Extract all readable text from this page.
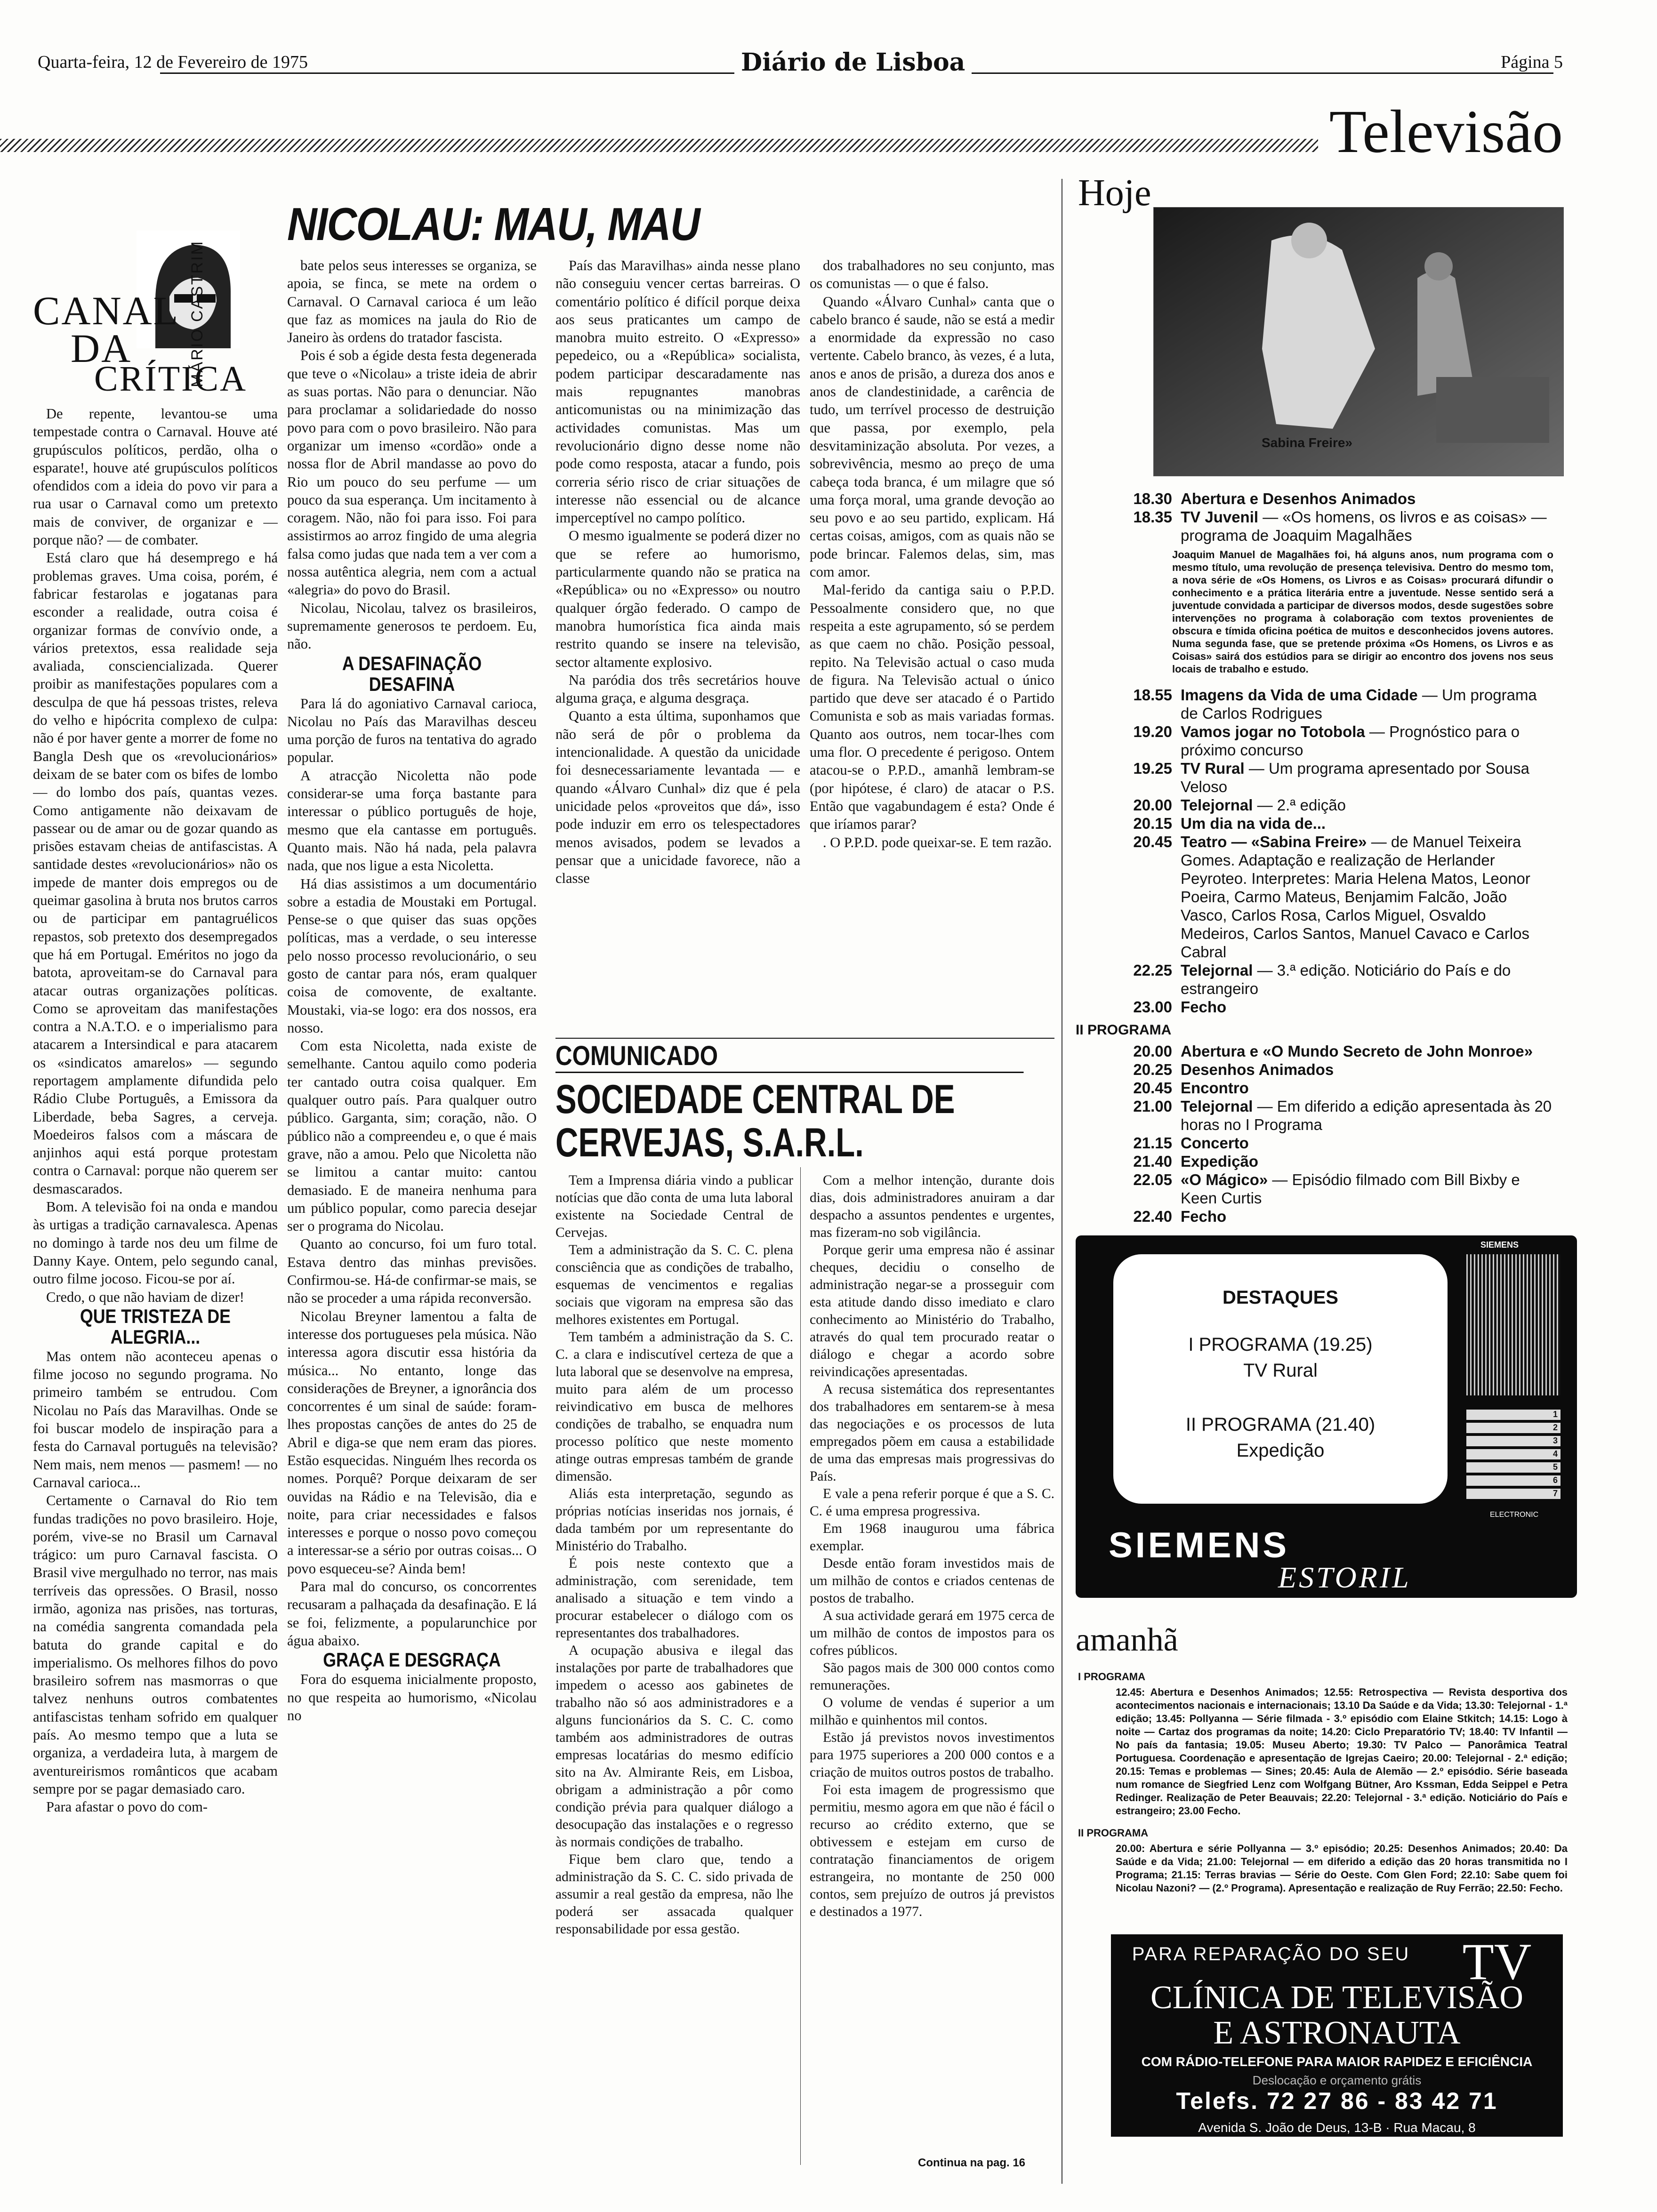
Quarta-feira, 12 de Fevereiro de 1975	Diário de Lisboa	Página 5
Televisão
NICOLAU: MAU, MAU
MÁRIO CASTRIM
CANAL
DA
CRÍTICA

De repente, levantou-se uma tempestade contra o Carnaval. Houve até grupúsculos políticos, perdão, olha o esparate!, houve até grupúsculos políticos ofendidos com a ideia do povo vir para a rua usar o Carnaval como um pretexto mais de conviver, de organizar e — porque não? — de combater.

Está claro que há desemprego e há problemas graves. Uma coisa, porém, é fabricar festarolas e jogatanas para esconder a realidade, outra coisa é organizar formas de convívio onde, a vários pretextos, essa realidade seja avaliada, consciencializada. Querer proibir as manifestações populares com a desculpa de que há pessoas tristes, releva do velho e hipócrita complexo de culpa: não é por haver gente a morrer de fome no Bangla Desh que os «revolucionários» deixam de se bater com os bifes de lombo — do lombo dos país, quantas vezes. Como antigamente não deixavam de passear ou de amar ou de gozar quando as prisões estavam cheias de antifascistas. A santidade destes «revolucionários» não os impede de manter dois empregos ou de queimar gasolina à bruta nos brutos carros ou de participar em pantagruélicos repastos, sob pretexto dos desempregados que há em Portugal. Eméritos no jogo da batota, aproveitam-se do Carnaval para atacar outras organizações políticas. Como se aproveitam das manifestações contra a N.A.T.O. e o imperialismo para atacarem a Intersindical e para atacarem os «sindicatos amarelos» — segundo reportagem amplamente difundida pelo Rádio Clube Português, a Emissora da Liberdade, beba Sagres, a cerveja. Moedeiros falsos com a máscara de anjinhos aqui está porque protestam contra o Carnaval: porque não querem ser desmascarados.

Bom. A televisão foi na onda e mandou às urtigas a tradição carnavalesca. Apenas no domingo à tarde nos deu um filme de Danny Kaye. Ontem, pelo segundo canal, outro filme jocoso. Ficou-se por aí.

Credo, o que não haviam de dizer!

QUE TRISTEZA DE ALEGRIA...

Mas ontem não aconteceu apenas o filme jocoso no segundo programa. No primeiro também se entrudou. Com Nicolau no País das Maravilhas. Onde se foi buscar modelo de inspiração para a festa do Carnaval português na televisão? Nem mais, nem menos — pasmem! — no Carnaval carioca...

Certamente o Carnaval do Rio tem fundas tradições no povo brasileiro. Hoje, porém, vive-se no Brasil um Carnaval trágico: um puro Carnaval fascista. O Brasil vive mergulhado no terror, nas mais terríveis das opressões. O Brasil, nosso irmão, agoniza nas prisões, nas torturas, na comédia sangrenta comandada pela batuta do grande capital e do imperialismo. Os melhores filhos do povo brasileiro sofrem nas masmorras o que talvez nenhuns outros combatentes antifascistas tenham sofrido em qualquer país. Ao mesmo tempo que a luta se organiza, a verdadeira luta, à margem de aventureirismos românticos que acabam sempre por se pagar demasiado caro.

Para afastar o povo do com-

bate pelos seus interesses se organiza, se apoia, se finca, se mete na ordem o Carnaval. O Carnaval carioca é um leão que faz as momices na jaula do Rio de Janeiro às ordens do tratador fascista.

Pois é sob a égide desta festa degenerada que teve o «Nicolau» a triste ideia de abrir as suas portas. Não para o denunciar. Não para proclamar a solidariedade do nosso povo para com o povo brasileiro. Não para organizar um imenso «cordão» onde a nossa flor de Abril mandasse ao povo do Rio um pouco do seu perfume — um pouco da sua esperança. Um incitamento à coragem. Não, não foi para isso. Foi para assistirmos ao arroz fingido de uma alegria falsa como judas que nada tem a ver com a nossa autêntica alegria, nem com a actual «alegria» do povo do Brasil.

Nicolau, Nicolau, talvez os brasileiros, supremamente generosos te perdoem. Eu, não.

A DESAFINAÇÃO DESAFINA

Para lá do agoniativo Carnaval carioca, Nicolau no País das Maravilhas desceu uma porção de furos na tentativa do agrado popular.

A atracção Nicoletta não pode considerar-se uma força bastante para interessar o público português de hoje, mesmo que ela cantasse em português. Quanto mais. Não há nada, pela palavra nada, que nos ligue a esta Nicoletta.

Há dias assistimos a um documentário sobre a estadia de Moustaki em Portugal. Pense-se o que quiser das suas opções políticas, mas a verdade, o seu interesse pelo nosso processo revolucionário, o seu gosto de cantar para nós, eram qualquer coisa de comovente, de exaltante. Moustaki, via-se logo: era dos nossos, era nosso.

Com esta Nicoletta, nada existe de semelhante. Cantou aquilo como poderia ter cantado outra coisa qualquer. Em qualquer outro país. Para qualquer outro público. Garganta, sim; coração, não. O público não a compreendeu e, o que é mais grave, não a amou. Pelo que Nicoletta não se limitou a cantar muito: cantou demasiado. E de maneira nenhuma para um público popular, como parecia desejar ser o programa do Nicolau.

Quanto ao concurso, foi um furo total. Estava dentro das minhas previsões. Confirmou-se. Há-de confirmar-se mais, se não se proceder a uma rápida reconversão.

Nicolau Breyner lamentou a falta de interesse dos portugueses pela música. Não interessa agora discutir essa história da música... No entanto, longe das considerações de Breyner, a ignorância dos concorrentes é um sinal de saúde: foram-lhes propostas canções de antes do 25 de Abril e diga-se que nem eram das piores. Estão esquecidas. Ninguém lhes recorda os nomes. Porquê? Porque deixaram de ser ouvidas na Rádio e na Televisão, dia e noite, para criar necessidades e falsos interesses e porque o nosso povo começou a interessar-se a sério por outras coisas... O povo esqueceu-se? Ainda bem!

Para mal do concurso, os concorrentes recusaram a palhaçada da desafinação. E lá se foi, felizmente, a popularunchice por água abaixo.

GRAÇA E DESGRAÇA

Fora do esquema inicialmente proposto, no que respeita ao humorismo, «Nicolau no

País das Maravilhas» ainda nesse plano não conseguiu vencer certas barreiras. O comentário político é difícil porque deixa aos seus praticantes um campo de manobra muito estreito. O «Expresso» pepedeico, ou a «República» socialista, podem participar descaradamente nas mais repugnantes manobras anticomunistas ou na minimização das actividades comunistas. Mas um revolucionário digno desse nome não pode como resposta, atacar a fundo, pois correria sério risco de criar situações de interesse não essencial ou de alcance imperceptível no campo político.

O mesmo igualmente se poderá dizer no que se refere ao humorismo, particularmente quando não se pratica na «República» ou no «Expresso» ou noutro qualquer órgão federado. O campo de manobra humorística fica ainda mais restrito quando se insere na televisão, sector altamente explosivo.

Na paródia dos três secretários houve alguma graça, e alguma desgraça.

Quanto a esta última, suponhamos que não será de pôr o problema da intencionalidade. A questão da unicidade foi desnecessariamente levantada — e quando «Álvaro Cunhal» diz que é pela unicidade pelos «proveitos que dá», isso pode induzir em erro os telespectadores menos avisados, podem se levados a pensar que a unicidade favorece, não a classe

dos trabalhadores no seu conjunto, mas os comunistas — o que é falso.

Quando «Álvaro Cunhal» canta que o cabelo branco é saude, não se está a medir a enormidade da expressão no caso vertente. Cabelo branco, às vezes, é a luta, anos e anos de prisão, a dureza dos anos e anos de clandestinidade, a carência de tudo, um terrível processo de destruição que passa, por exemplo, pela desvitaminização absoluta. Por vezes, a sobrevivência, mesmo ao preço de uma cabeça toda branca, é um milagre que só uma força moral, uma grande devoção ao seu povo e ao seu partido, explicam. Há certas coisas, amigos, com as quais não se pode brincar. Falemos delas, sim, mas com amor.

Mal-ferido da cantiga saiu o P.P.D. Pessoalmente considero que, no que respeita a este agrupamento, só se perdem as que caem no chão. Posição pessoal, repito. Na Televisão actual o caso muda de figura. Na Televisão actual o único partido que deve ser atacado é o Partido Comunista e sob as mais variadas formas. Quanto aos outros, nem tocar-lhes com uma flor. O precedente é perigoso. Ontem atacou-se o P.P.D., amanhã lembram-se (por hipótese, é claro) de atacar o P.S. Então que vagabundagem é esta? Onde é que iríamos parar?

. O P.P.D. pode queixar-se. E tem razão.

COMUNICADO
SOCIEDADE CENTRAL DE CERVEJAS, S.A.R.L.

Tem a Imprensa diária vindo a publicar notícias que dão conta de uma luta laboral existente na Sociedade Central de Cervejas.

Tem a administração da S. C. C. plena consciência que as condições de trabalho, esquemas de vencimentos e regalias sociais que vigoram na empresa são das melhores existentes em Portugal.

Tem também a administração da S. C. C. a clara e indiscutível certeza de que a luta laboral que se desenvolve na empresa, muito para além de um processo reivindicativo em busca de melhores condições de trabalho, se enquadra num processo político que neste momento atinge outras empresas também de grande dimensão.

Aliás esta interpretação, segundo as próprias notícias inseridas nos jornais, é dada também por um representante do Ministério do Trabalho.

É pois neste contexto que a administração, com serenidade, tem analisado a situação e tem vindo a procurar estabelecer o diálogo com os representantes dos trabalhadores.

A ocupação abusiva e ilegal das instalações por parte de trabalhadores que impedem o acesso aos gabinetes de trabalho não só aos administradores e a alguns funcionários da S. C. C. como também aos administradores de outras empresas locatárias do mesmo edifício sito na Av. Almirante Reis, em Lisboa, obrigam a administração a pôr como condição prévia para qualquer diálogo a desocupação das instalações e o regresso às normais condições de trabalho.

Fique bem claro que, tendo a administração da S. C. C. sido privada de assumir a real gestão da empresa, não lhe poderá ser assacada qualquer responsabilidade por essa gestão.

Com a melhor intenção, durante dois dias, dois administradores anuiram a dar despacho a assuntos pendentes e urgentes, mas fizeram-no sob vigilância.

Porque gerir uma empresa não é assinar cheques, decidiu o conselho de administração negar-se a prosseguir com esta atitude dando disso imediato e claro conhecimento ao Ministério do Trabalho, através do qual tem procurado reatar o diálogo e chegar a acordo sobre reivindicações apresentadas.

A recusa sistemática dos representantes dos trabalhadores em sentarem-se à mesa das negociações e os processos de luta empregados põem em causa a estabilidade de uma das empresas mais progressivas do País.

E vale a pena referir porque é que a S. C. C. é uma empresa progressiva.

Em 1968 inaugurou uma fábrica exemplar.

Desde então foram investidos mais de um milhão de contos e criados centenas de postos de trabalho.

A sua actividade gerará em 1975 cerca de um milhão de contos de impostos para os cofres públicos.

São pagos mais de 300 000 contos como remunerações.

O volume de vendas é superior a um milhão e quinhentos mil contos.

Estão já previstos novos investimentos para 1975 superiores a 200 000 contos e a criação de muitos outros postos de trabalho.

Foi esta imagem de progressismo que permitiu, mesmo agora em que não é fácil o recurso ao crédito externo, que se obtivessem e estejam em curso de contratação financiamentos de origem estrangeira, no montante de 250 000 contos, sem prejuízo de outros já previstos e destinados a 1977.

Continua na pag. 16
Hoje
Sabina Freire»
18.30 Abertura e Desenhos Animados
18.35 TV Juvenil — «Os homens, os livros e as coisas» — programa de Joaquim Magalhães
Joaquim Manuel de Magalhães foi, há alguns anos, num programa com o mesmo título, uma revolução de presença televisiva. Dentro do mesmo tom, a nova série de «Os Homens, os Livros e as Coisas» procurará difundir o conhecimento e a prática literária entre a juventude. Nesse sentido será a juventude convidada a participar de diversos modos, desde sugestões sobre intervenções no programa à colaboração com textos provenientes de obscura e tímida oficina poética de muitos e desconhecidos jovens autores. Numa segunda fase, que se pretende próxima «Os Homens, os Livros e as Coisas» sairá dos estúdios para se dirigir ao encontro dos jovens nos seus locais de trabalho e estudo.
18.55 Imagens da Vida de uma Cidade — Um programa de Carlos Rodrigues
19.20 Vamos jogar no Totobola — Prognóstico para o próximo concurso
19.25 TV Rural — Um programa apresentado por Sousa Veloso
20.00 Telejornal — 2.ª edição
20.15 Um dia na vida de...
20.45 Teatro — «Sabina Freire» — de Manuel Teixeira Gomes. Adaptação e realização de Herlander Peyroteo. Interpretes: Maria Helena Matos, Leonor Poeira, Carmo Mateus, Benjamim Falcão, João Vasco, Carlos Rosa, Carlos Miguel, Osvaldo Medeiros, Carlos Santos, Manuel Cavaco e Carlos Cabral
22.25 Telejornal — 3.ª edição. Noticiário do País e do estrangeiro
23.00 Fecho
II PROGRAMA
20.00 Abertura e «O Mundo Secreto de John Monroe»
20.25 Desenhos Animados
20.45 Encontro
21.00 Telejornal — Em diferido a edição apresentada às 20 horas no I Programa
21.15 Concerto
21.40 Expedição
22.05 «O Mágico» — Episódio filmado com Bill Bixby e Keen Curtis
22.40 Fecho
DESTAQUES
I PROGRAMA (19.25)
TV Rural
II PROGRAMA (21.40)
Expedição
SIEMENS
1
2
3
4
5
6
7
ELECTRONIC
SIEMENS
ESTORIL
amanhã
I PROGRAMA
12.45: Abertura e Desenhos Animados; 12.55: Retrospectiva — Revista desportiva dos acontecimentos nacionais e internacionais; 13.10 Da Saúde e da Vida; 13.30: Telejornal - 1.ª edição; 13.45: Pollyanna — Série filmada - 3.º episódio com Elaine Stkitch; 14.15: Logo à noite — Cartaz dos programas da noite; 14.20: Ciclo Preparatório TV; 18.40: TV Infantil — No país da fantasia; 19.05: Museu Aberto; 19.30: TV Palco — Panorâmica Teatral Portuguesa. Coordenação e apresentação de Igrejas Caeiro; 20.00: Telejornal - 2.ª edição; 20.15: Temas e problemas — Sines; 20.45: Aula de Alemão — 2.º episódio. Série baseada num romance de Siegfried Lenz com Wolfgang Bütner, Aro Kssman, Edda Seippel e Petra Redinger. Realização de Peter Beauvais; 22.20: Telejornal - 3.ª edição. Noticiário do País e estrangeiro; 23.00 Fecho.
II PROGRAMA
20.00: Abertura e série Pollyanna — 3.º episódio; 20.25: Desenhos Animados; 20.40: Da Saúde e da Vida; 21.00: Telejornal — em diferido a edição das 20 horas transmitida no I Programa; 21.15: Terras bravias — Série do Oeste. Com Glen Ford; 22.10: Sabe quem foi Nicolau Nazoni? — (2.º Programa). Apresentação e realização de Ruy Ferrão; 22.50: Fecho.
PARA REPARAÇÃO DO SEU	TV
CLÍNICA DE TELEVISÃO
E ASTRONAUTA
COM RÁDIO-TELEFONE PARA MAIOR RAPIDEZ E EFICIÊNCIA
Deslocação e orçamento grátis
Telefs. 72 27 86 - 83 42 71
Avenida S. João de Deus, 13-B · Rua Macau, 8
